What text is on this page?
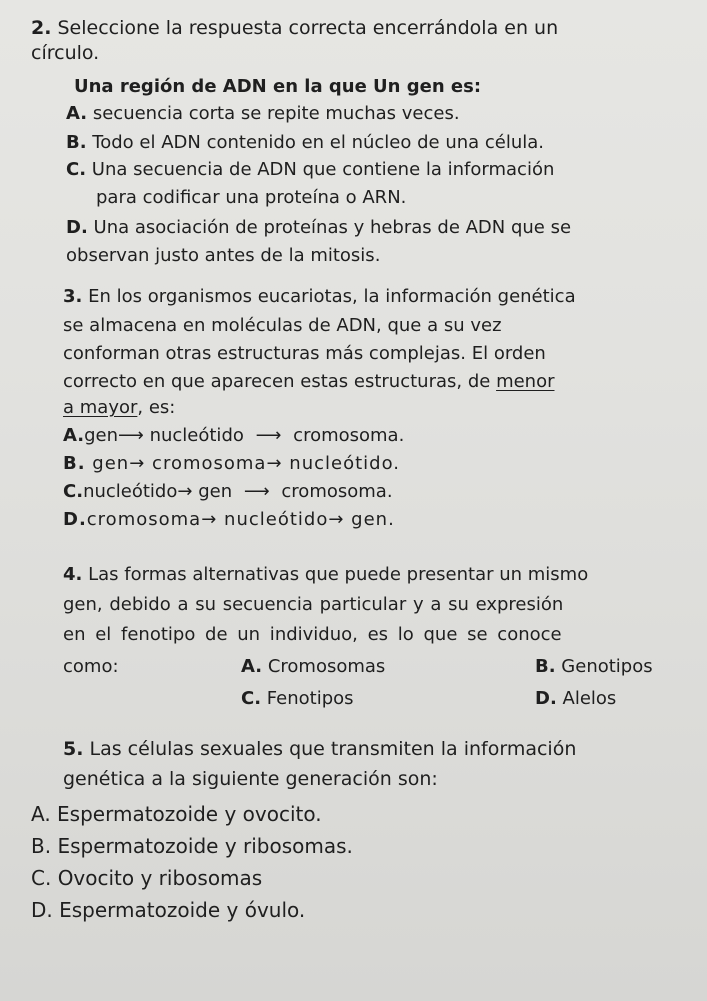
2. Seleccione la respuesta correcta encerrándola en un
círculo.
Una región de ADN en la que Un gen es:
A. secuencia corta se repite muchas veces.
B. Todo el ADN contenido en el núcleo de una célula.
C. Una secuencia de ADN que contiene la información
para codificar una proteína o ARN.
D. Una asociación de proteínas y hebras de ADN que se
observan justo antes de la mitosis.
3. En los organismos eucariotas, la información genética
se almacena en moléculas de ADN, que a su vez
conforman otras estructuras más complejas. El orden
correcto en que aparecen estas estructuras, de menor
a mayor, es:
A.gen⟶ nucleótido ⟶ cromosoma.
B. gen→ cromosoma→ nucleótido.
C.nucleótido→ gen ⟶ cromosoma.
D.cromosoma→ nucleótido→ gen.
4. Las formas alternativas que puede presentar un mismo
gen, debido a su secuencia particular y a su expresión
en el fenotipo de un individuo, es lo que se conoce
como:	A. Cromosomas	B. Genotipos
C. Fenotipos	D. Alelos
5. Las células sexuales que transmiten la información
genética a la siguiente generación son:
A. Espermatozoide y ovocito.
B. Espermatozoide y ribosomas.
C. Ovocito y ribosomas
D. Espermatozoide y óvulo.
